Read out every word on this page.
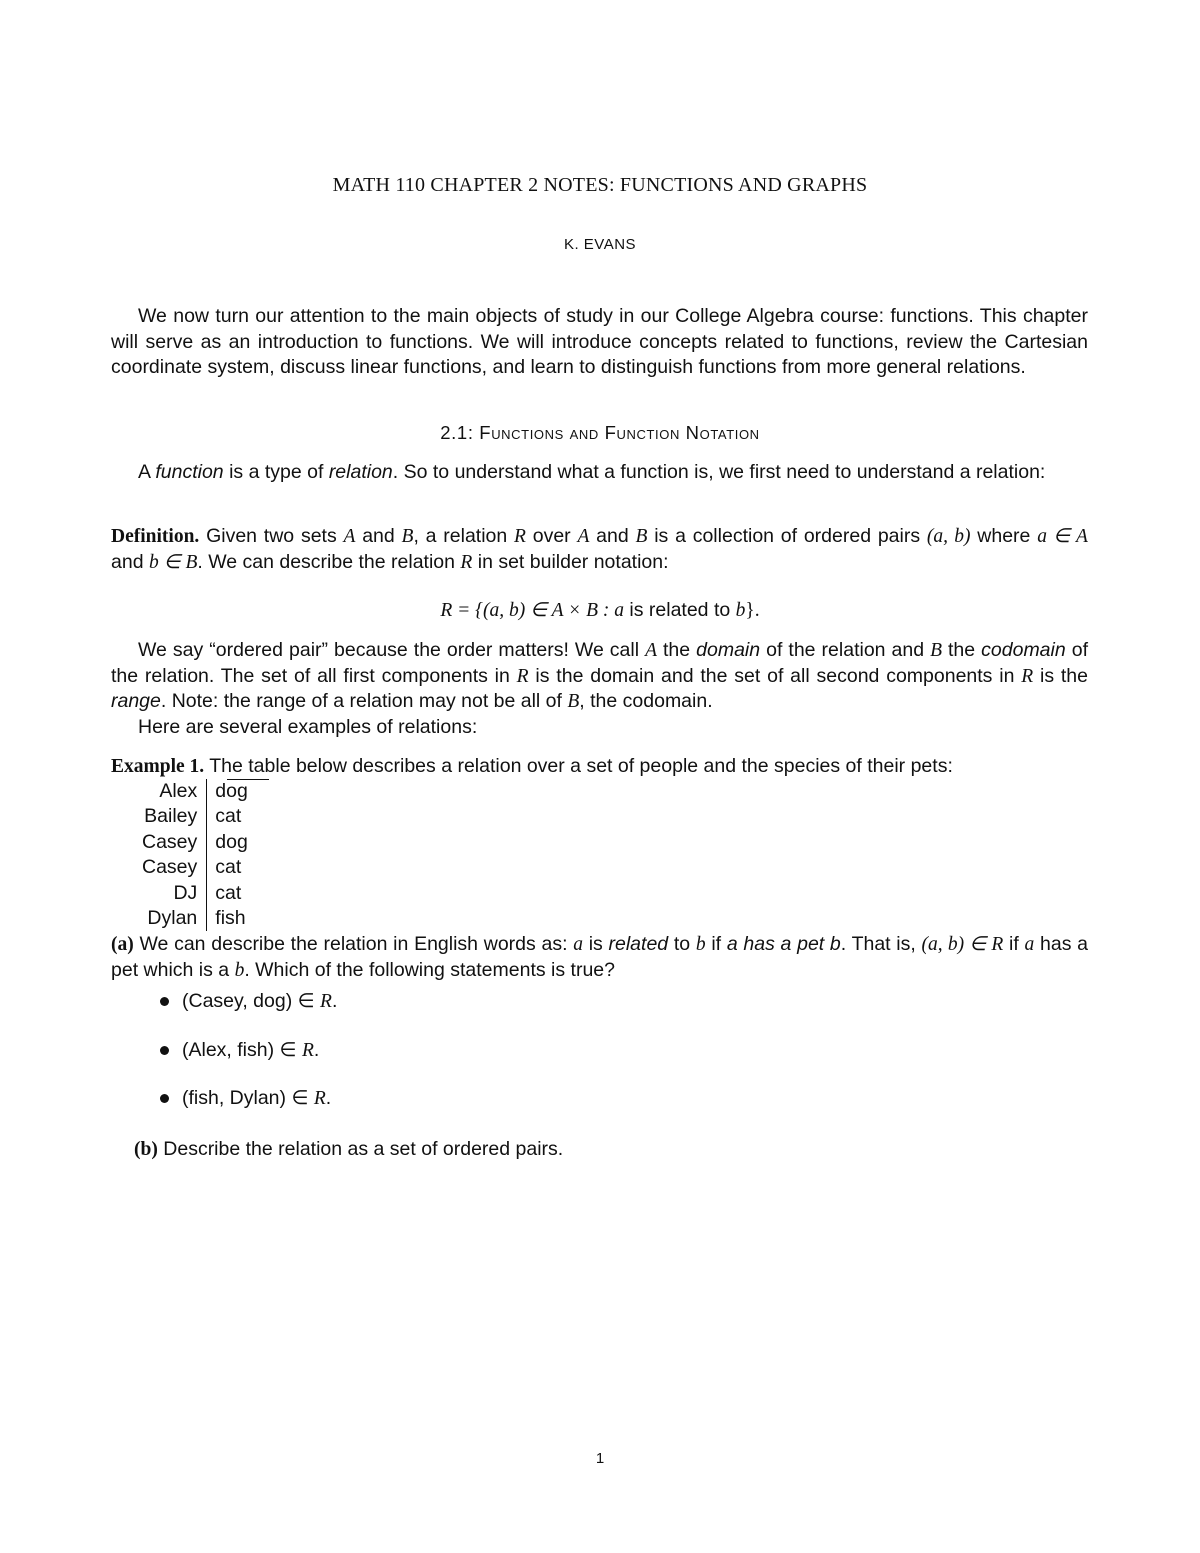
MATH 110 CHAPTER 2 NOTES: FUNCTIONS AND GRAPHS
K. EVANS
We now turn our attention to the main objects of study in our College Algebra course: functions. This chapter will serve as an introduction to functions. We will introduce concepts related to functions, review the Cartesian coordinate system, discuss linear functions, and learn to distinguish functions from more general relations.
2.1: Functions and Function Notation
A function is a type of relation. So to understand what a function is, we first need to understand a relation:
Definition. Given two sets A and B, a relation R over A and B is a collection of ordered pairs (a, b) where a ∈ A and b ∈ B. We can describe the relation R in set builder notation:
R = {(a, b) ∈ A × B : a is related to b}.
We say “ordered pair” because the order matters! We call A the domain of the relation and B the codomain of the relation. The set of all first components in R is the domain and the set of all second components in R is the range. Note: the range of a relation may not be all of B, the codomain.
Here are several examples of relations:
Example 1. The table below describes a relation over a set of people and the species of their pets:
Alex	dog
Bailey	cat
Casey	dog
Casey	cat
DJ	cat
Dylan	fish
(a) We can describe the relation in English words as: a is related to b if a has a pet b. That is, (a, b) ∈ R if a has a pet which is a b. Which of the following statements is true?
(Casey, dog) ∈ R.
(Alex, fish) ∈ R.
(fish, Dylan) ∈ R.
(b) Describe the relation as a set of ordered pairs.
1
